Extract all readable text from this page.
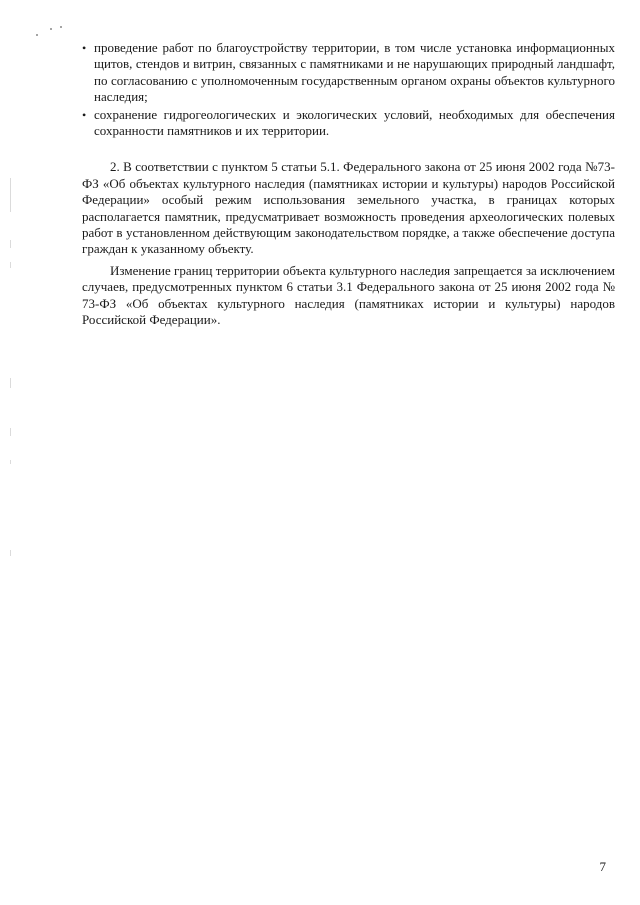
• проведение работ по благоустройству территории, в том числе установка информационных щитов, стендов и витрин, связанных с памятниками и не нарушающих природный ландшафт, по согласованию с уполномоченным государственным органом охраны объектов культурного наследия;
• сохранение гидрогеологических и экологических условий, необходимых для обеспечения сохранности памятников и их территории.

2. В соответствии с пунктом 5 статьи 5.1. Федерального закона от 25 июня 2002 года №73-ФЗ «Об объектах культурного наследия (памятниках истории и культуры) народов Российской Федерации» особый режим использования земельного участка, в границах которых располагается памятник, предусматривает возможность проведения археологических полевых работ в установленном действующим законодательством порядке, а также обеспечение доступа граждан к указанному объекту.

Изменение границ территории объекта культурного наследия запрещается за исключением случаев, предусмотренных пунктом 6 статьи 3.1 Федерального закона от 25 июня 2002 года № 73-ФЗ «Об объектах культурного наследия (памятниках истории и культуры) народов Российской Федерации».

7
